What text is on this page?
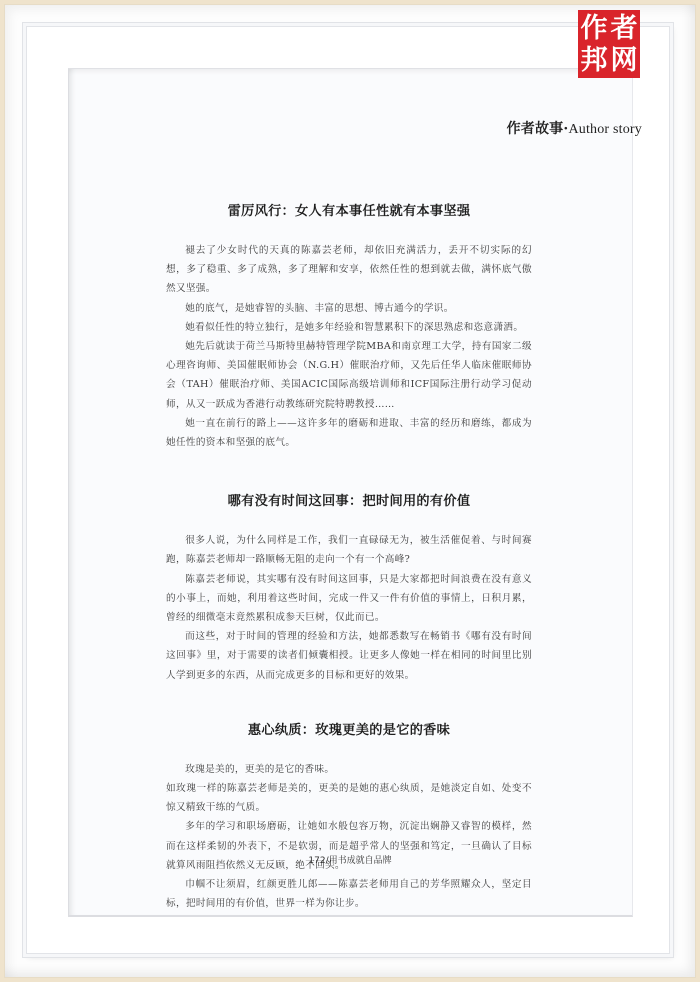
作 者
邦 网
作者故事·Author story
雷厉风行：女人有本事任性就有本事坚强

褪去了少女时代的天真的陈嘉芸老师，却依旧充满活力，丢开不切实际的幻想，多了稳重、多了成熟，多了理解和安享，依然任性的想到就去做，满怀底气傲然又坚强。

她的底气，是她睿智的头脑、丰富的思想、博古通今的学识。

她看似任性的特立独行，是她多年经验和智慧累积下的深思熟虑和恣意潇洒。

她先后就读于荷兰马斯特里赫特管理学院MBA和南京理工大学，持有国家二级心理咨询师、美国催眠师协会（N.G.H）催眠治疗师，又先后任华人临床催眠师协会（TAH）催眠治疗师、美国ACIC国际高级培训师和ICF国际注册行动学习促动师，从又一跃成为香港行动教练研究院特聘教授……

她一直在前行的路上——这许多年的磨砺和进取、丰富的经历和磨练，都成为她任性的资本和坚强的底气。

哪有没有时间这回事：把时间用的有价值

很多人说，为什么同样是工作，我们一直碌碌无为，被生活催促着、与时间赛跑，陈嘉芸老师却一路顺畅无阻的走向一个有一个高峰?

陈嘉芸老师说，其实哪有没有时间这回事，只是大家都把时间浪费在没有意义的小事上，而她，利用着这些时间，完成一件又一件有价值的事情上，日积月累，曾经的细微毫末竟然累积成参天巨树，仅此而已。

而这些，对于时间的管理的经验和方法，她都悉数写在畅销书《哪有没有时间这回事》里，对于需要的读者们倾囊相授。让更多人像她一样在相同的时间里比别人学到更多的东西，从而完成更多的目标和更好的效果。

惠心纨质：玫瑰更美的是它的香味

玫瑰是美的，更美的是它的香味。

如玫瑰一样的陈嘉芸老师是美的，更美的是她的惠心纨质，是她淡定自如、处变不惊又精致干练的气质。

多年的学习和职场磨砺，让她如水般包容万物，沉淀出娴静又睿智的模样，然而在这样柔韧的外表下，不是软弱，而是超乎常人的坚强和笃定，一旦确认了目标就算风雨阻挡依然义无反顾，绝不回头。

巾帼不让须眉，红颜更胜儿郎——陈嘉芸老师用自己的芳华照耀众人，坚定目标，把时间用的有价值，世界一样为你让步。

172/用书成就自品牌
